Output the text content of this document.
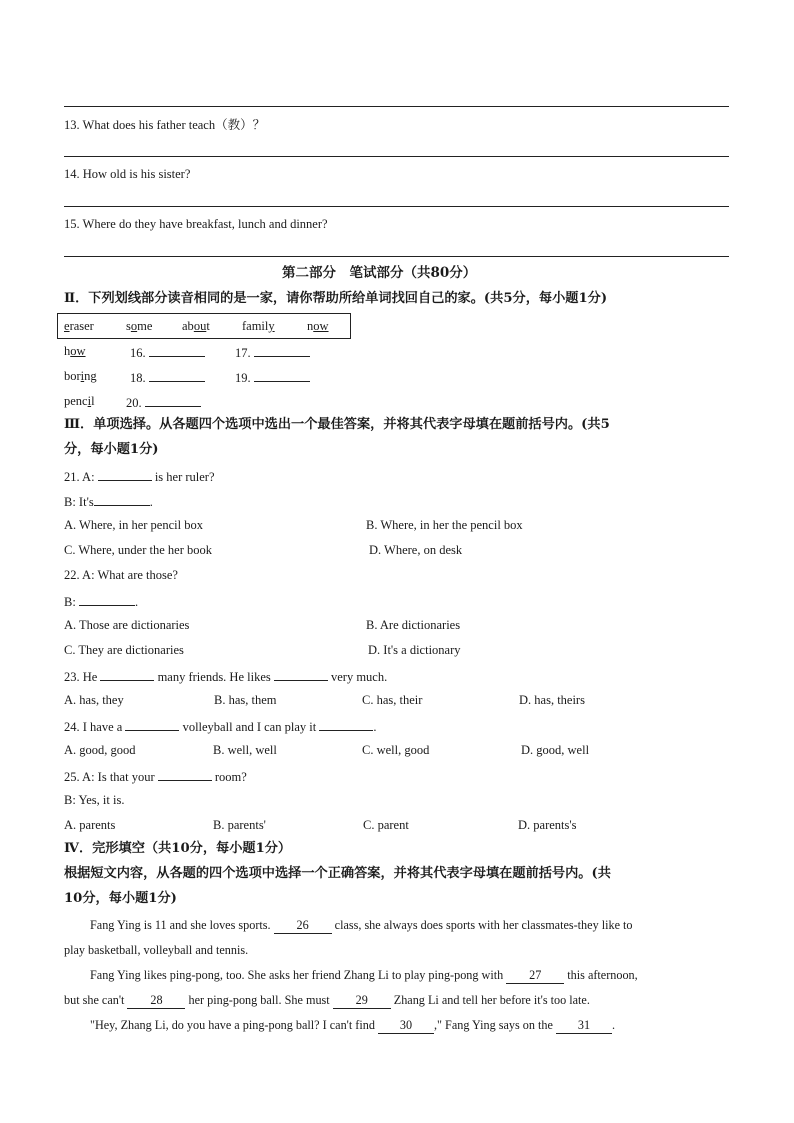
13. What does his father teach（教）？
14. How old is his sister?
15. Where do they have breakfast, lunch and dinner?
第二部分　笔试部分（共80分）
Ⅱ．下列划线部分读音相同的是一家，请你帮助所给单词找回自己的家。(共5分，每小题1分)
eraser	some about	family	now
how	16.	17.
boring	18.	19.
pencil	20.
Ⅲ．单项选择。从各题四个选项中选出一个最佳答案，并将其代表字母填在题前括号内。(共5
分，每小题1分)
21. A:	is her ruler?
B: It's	.
A. Where, in her pencil box	B. Where, in her the pencil box
C. Where, under the her book	D. Where, on desk
22. A: What are those?
B:	.
A. Those are dictionaries	B. Are dictionaries
C. They are dictionaries	D. It's a dictionary
23. He	many friends. He likes	very much.
A. has, they	B. has, them	C. has, their	D. has, theirs
24. I have a	volleyball and I can play it	.
A. good, good	B. well, well	C. well, good	D. good, well
25. A: Is that your	room?
B: Yes, it is.
A. parents	B. parents'	C. parent	D. parents's
Ⅳ．完形填空（共10分，每小题1分）
根据短文内容，从各题的四个选项中选择一个正确答案，并将其代表字母填在题前括号内。(共
10分，每小题1分)
Fang Ying is 11 and she loves sports. 26 class, she always does sports with her classmates-they like to
play basketball, volleyball and tennis.
Fang Ying likes ping-pong, too. She asks her friend Zhang Li to play ping-pong with 27 this afternoon,
but she can't 28 her ping-pong ball. She must 29 Zhang Li and tell her before it's too late.
"Hey, Zhang Li, do you have a ping-pong ball? I can't find 30 ," Fang Ying says on the 31 .
